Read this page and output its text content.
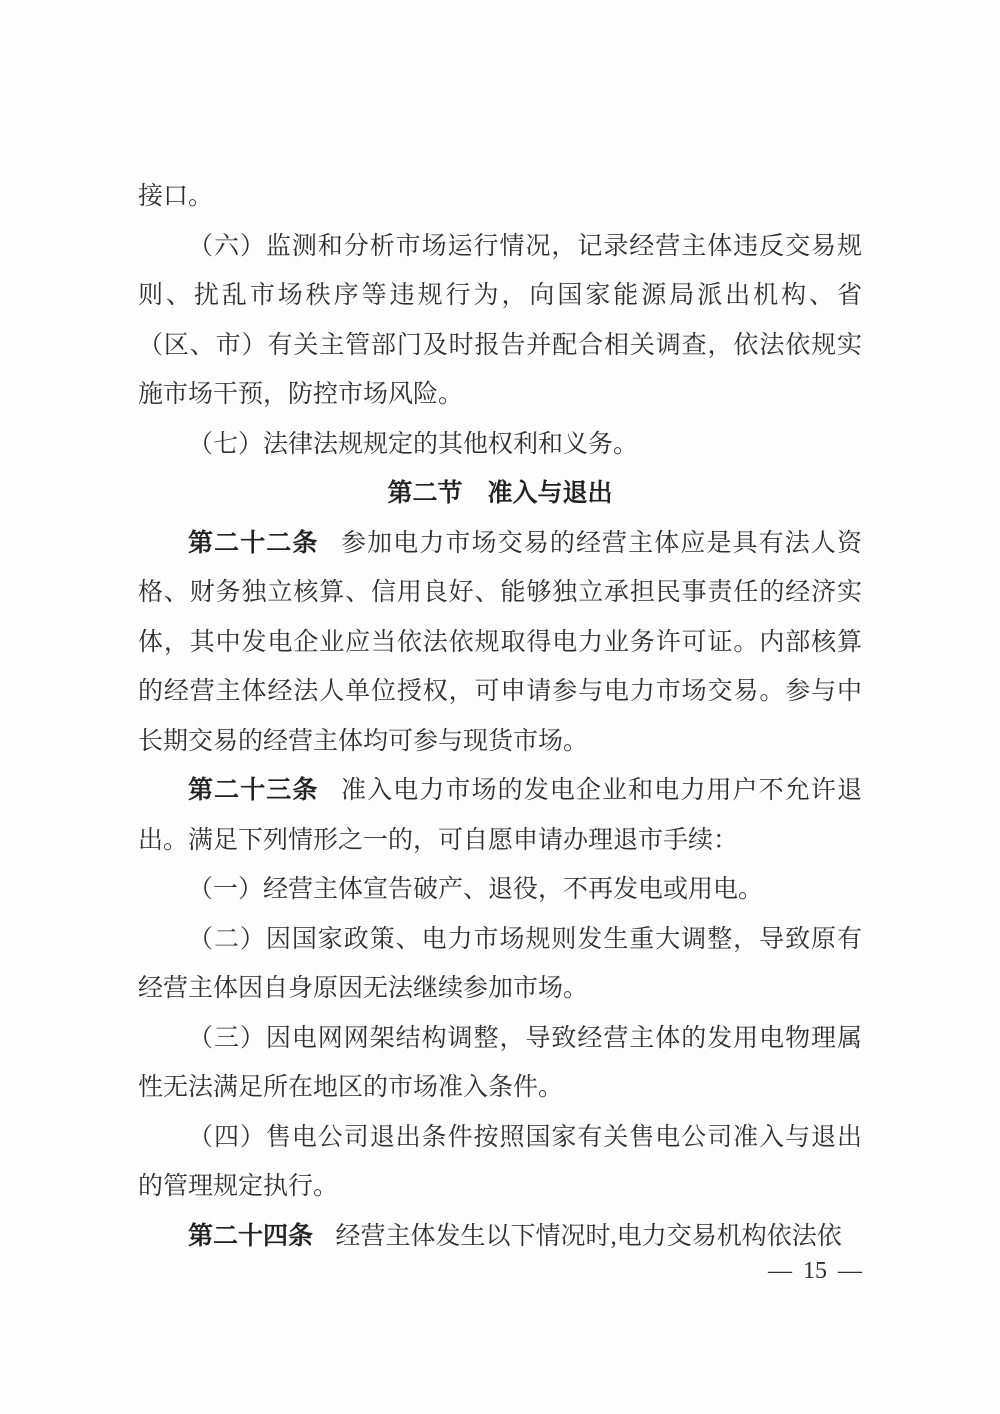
接口。

（六）监测和分析市场运行情况，记录经营主体违反交易规则、扰乱市场秩序等违规行为，向国家能源局派出机构、省（区、市）有关主管部门及时报告并配合相关调查，依法依规实施市场干预，防控市场风险。

（七）法律法规规定的其他权利和义务。

第二节　准入与退出

第二十二条 参加电力市场交易的经营主体应是具有法人资格、财务独立核算、信用良好、能够独立承担民事责任的经济实体，其中发电企业应当依法依规取得电力业务许可证。内部核算的经营主体经法人单位授权，可申请参与电力市场交易。参与中长期交易的经营主体均可参与现货市场。

第二十三条 准入电力市场的发电企业和电力用户不允许退出。满足下列情形之一的，可自愿申请办理退市手续：

（一）经营主体宣告破产、退役，不再发电或用电。

（二）因国家政策、电力市场规则发生重大调整，导致原有经营主体因自身原因无法继续参加市场。

（三）因电网网架结构调整，导致经营主体的发用电物理属性无法满足所在地区的市场准入条件。

（四）售电公司退出条件按照国家有关售电公司准入与退出的管理规定执行。

第二十四条 经营主体发生以下情况时,电力交易机构依法依

— 15 —
